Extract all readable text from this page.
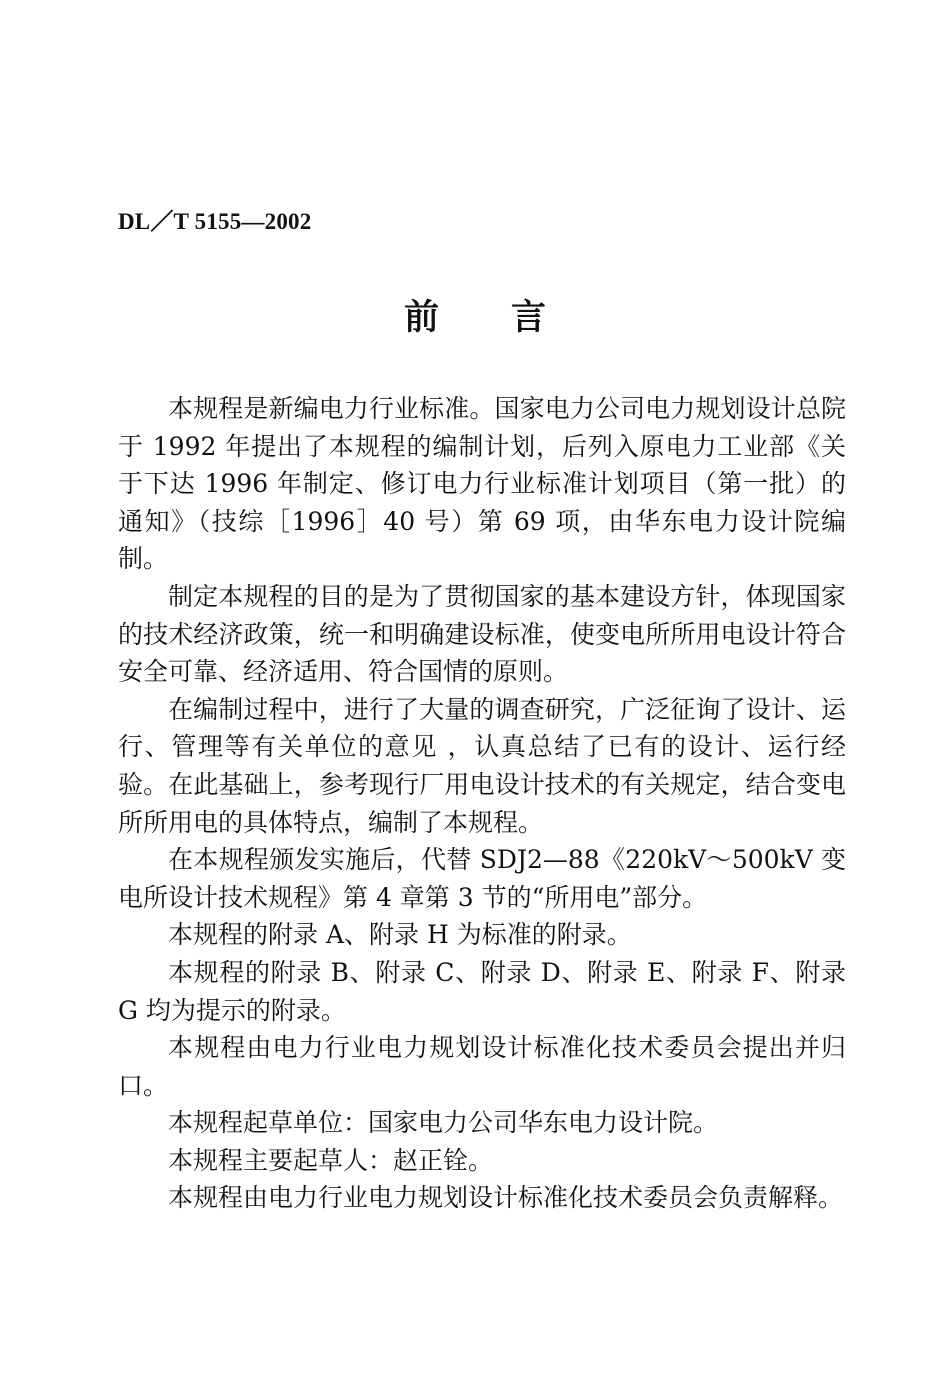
DL／T 5155—2002
前 言

本规程是新编电力行业标准。国家电力公司电力规划设计总院于 1992 年提出了本规程的编制计划，后列入原电力工业部《关于下达 1996 年制定、修订电力行业标准计划项目（第一批）的通知》（技综［1996］40 号）第 69 项，由华东电力设计院编制。

制定本规程的目的是为了贯彻国家的基本建设方针，体现国家的技术经济政策，统一和明确建设标准，使变电所所用电设计符合安全可靠、经济适用、符合国情的原则。

在编制过程中，进行了大量的调查研究，广泛征询了设计、运行、管理等有关单位的意见 ，认真总结了已有的设计、运行经验。在此基础上，参考现行厂用电设计技术的有关规定，结合变电所所用电的具体特点，编制了本规程。

在本规程颁发实施后，代替 SDJ2—88《220kV～500kV 变电所设计技术规程》第 4 章第 3 节的“所用电”部分。

本规程的附录 A、附录 H 为标准的附录。

本规程的附录 B、附录 C、附录 D、附录 E、附录 F、附录 G 均为提示的附录。

本规程由电力行业电力规划设计标准化技术委员会提出并归口。

本规程起草单位：国家电力公司华东电力设计院。

本规程主要起草人：赵正铨。

本规程由电力行业电力规划设计标准化技术委员会负责解释。
